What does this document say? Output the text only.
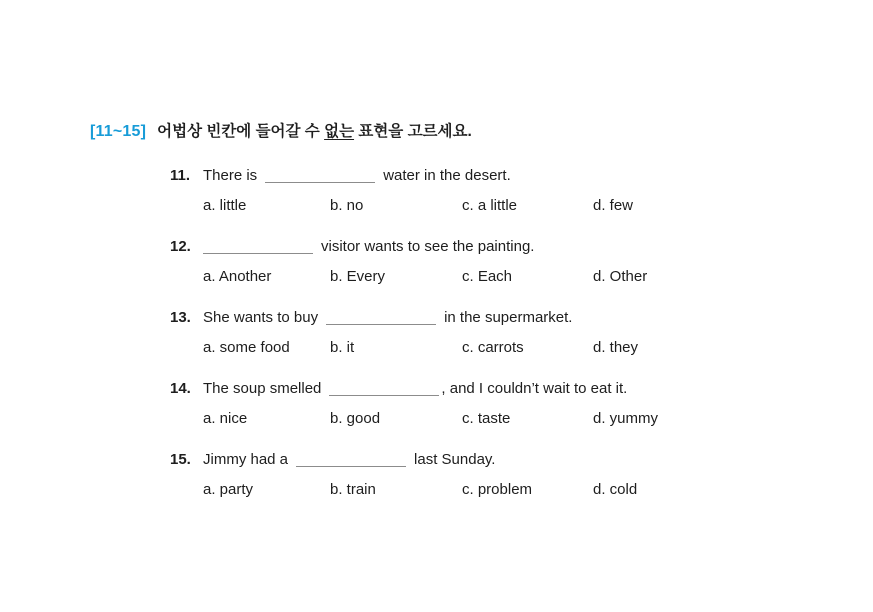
[11~15] 어법상 빈칸에 들어갈 수 없는 표현을 고르세요.
11. There is	water in the desert.
a. little	b. no	c. a little	d. few
12.	visitor wants to see the painting.
a. Another	b. Every	c. Each	d. Other
13. She wants to buy	in the supermarket.
a. some food	b. it	c. carrots	d. they
14. The soup smelled	, and I couldn’t wait to eat it.
a. nice	b. good	c. taste	d. yummy
15. Jimmy had a	last Sunday.
a. party	b. train	c. problem	d. cold
